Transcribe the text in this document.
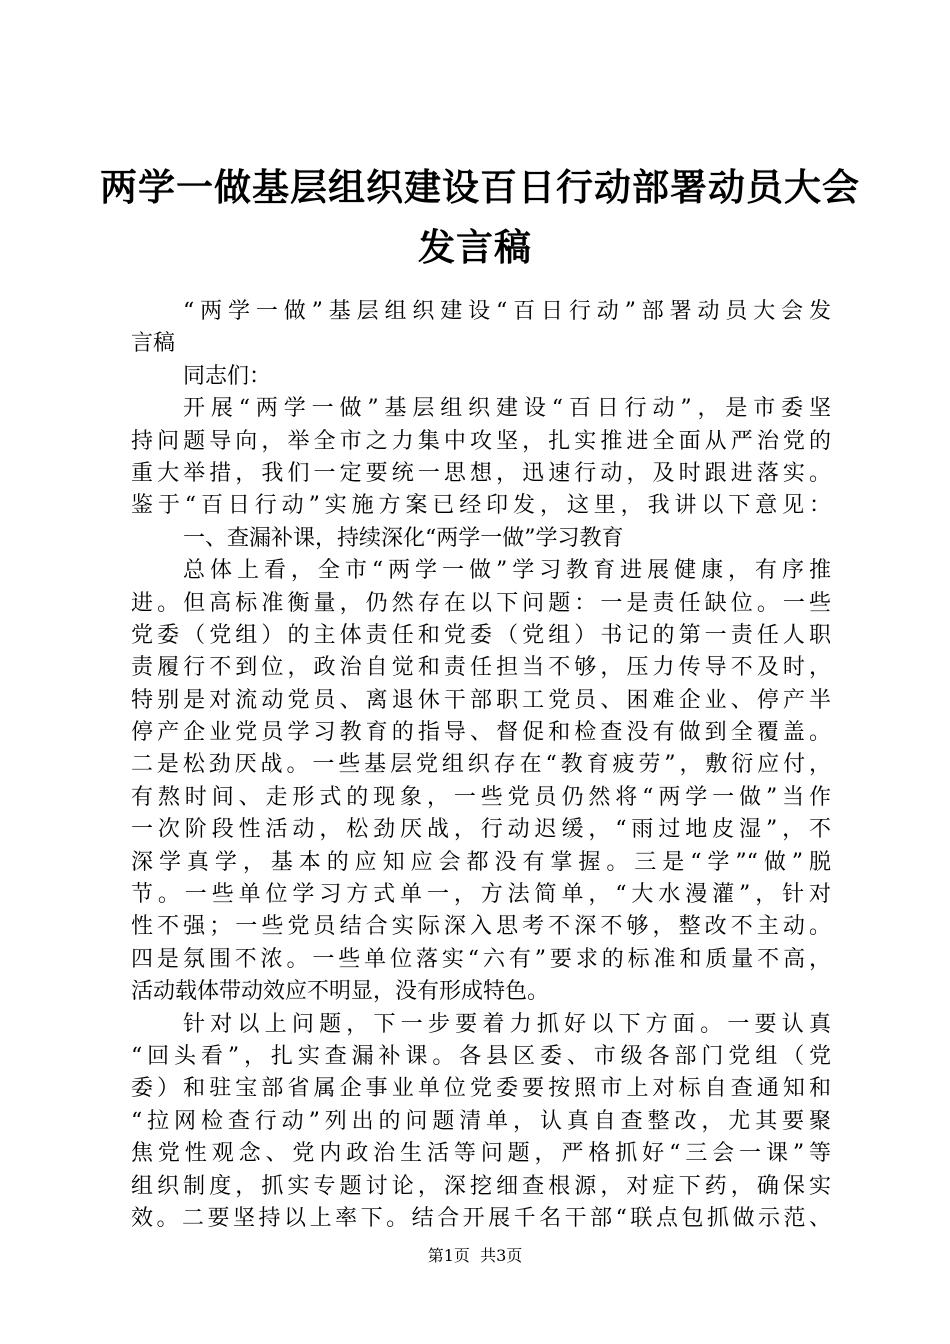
两学一做基层组织建设百日行动部署动员大会
发言稿
“两学一做”基层组织建设“百日行动”部署动员大会发
言稿
同志们：
开展“两学一做”基层组织建设“百日行动”，是市委坚
持问题导向，举全市之力集中攻坚，扎实推进全面从严治党的
重大举措，我们一定要统一思想，迅速行动，及时跟进落实。
鉴于“百日行动”实施方案已经印发，这里，我讲以下意见：
一、查漏补课，持续深化“两学一做”学习教育
总体上看，全市“两学一做”学习教育进展健康，有序推
进。但高标准衡量，仍然存在以下问题：一是责任缺位。一些
党委（党组）的主体责任和党委（党组）书记的第一责任人职
责履行不到位，政治自觉和责任担当不够，压力传导不及时，
特别是对流动党员、离退休干部职工党员、困难企业、停产半
停产企业党员学习教育的指导、督促和检查没有做到全覆盖。
二是松劲厌战。一些基层党组织存在“教育疲劳”，敷衍应付，
有熬时间、走形式的现象，一些党员仍然将“两学一做”当作
一次阶段性活动，松劲厌战，行动迟缓，“雨过地皮湿”，不
深学真学，基本的应知应会都没有掌握。三是“学”“做”脱
节。一些单位学习方式单一，方法简单，“大水漫灌”，针对
性不强；一些党员结合实际深入思考不深不够，整改不主动。
四是氛围不浓。一些单位落实“六有”要求的标准和质量不高，
活动载体带动效应不明显，没有形成特色。
针对以上问题，下一步要着力抓好以下方面。一要认真
“回头看”，扎实查漏补课。各县区委、市级各部门党组（党
委）和驻宝部省属企事业单位党委要按照市上对标自查通知和
“拉网检查行动”列出的问题清单，认真自查整改，尤其要聚
焦党性观念、党内政治生活等问题，严格抓好“三会一课”等
组织制度，抓实专题讨论，深挖细查根源，对症下药，确保实
效。二要坚持以上率下。结合开展千名干部“联点包抓做示范、
第1页  共3页
